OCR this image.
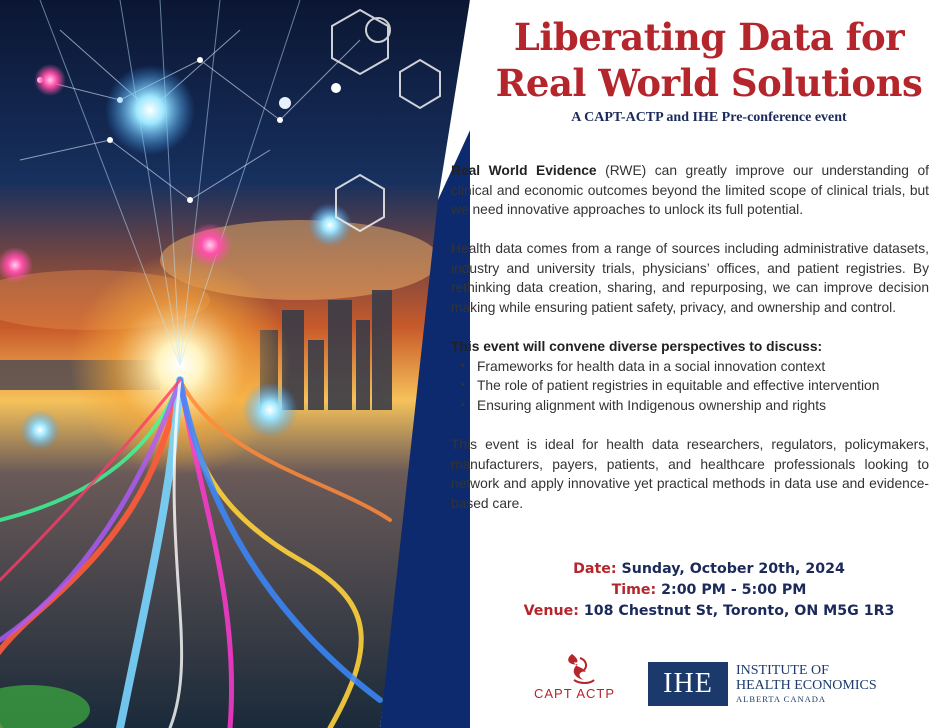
Liberating Data for
Real World Solutions
A CAPT-ACTP and IHE Pre-conference event

Real World Evidence (RWE) can greatly improve our understanding of clinical and economic outcomes beyond the limited scope of clinical trials, but we need innovative approaches to unlock its full potential.

Health data comes from a range of sources including administrative datasets, industry and university trials, physicians’ offices, and patient registries. By rethinking data creation, sharing, and repurposing, we can improve decision making while ensuring patient safety, privacy, and ownership and control.

This event will convene diverse perspectives to discuss:

• Frameworks for health data in a social innovation context
• The role of patient registries in equitable and effective intervention
• Ensuring alignment with Indigenous ownership and rights

This event is ideal for health data researchers, regulators, policymakers, manufacturers, payers, patients, and healthcare professionals looking to network and apply innovative yet practical methods in data use and evidence-based care.

Date: Sunday, October 20th, 2024
Time: 2:00 PM - 5:00 PM
Venue: 108 Chestnut St, Toronto, ON M5G 1R3
CAPT ACTP	IHE	INSTITUTE OF
HEALTH ECONOMICS
ALBERTA CANADA
